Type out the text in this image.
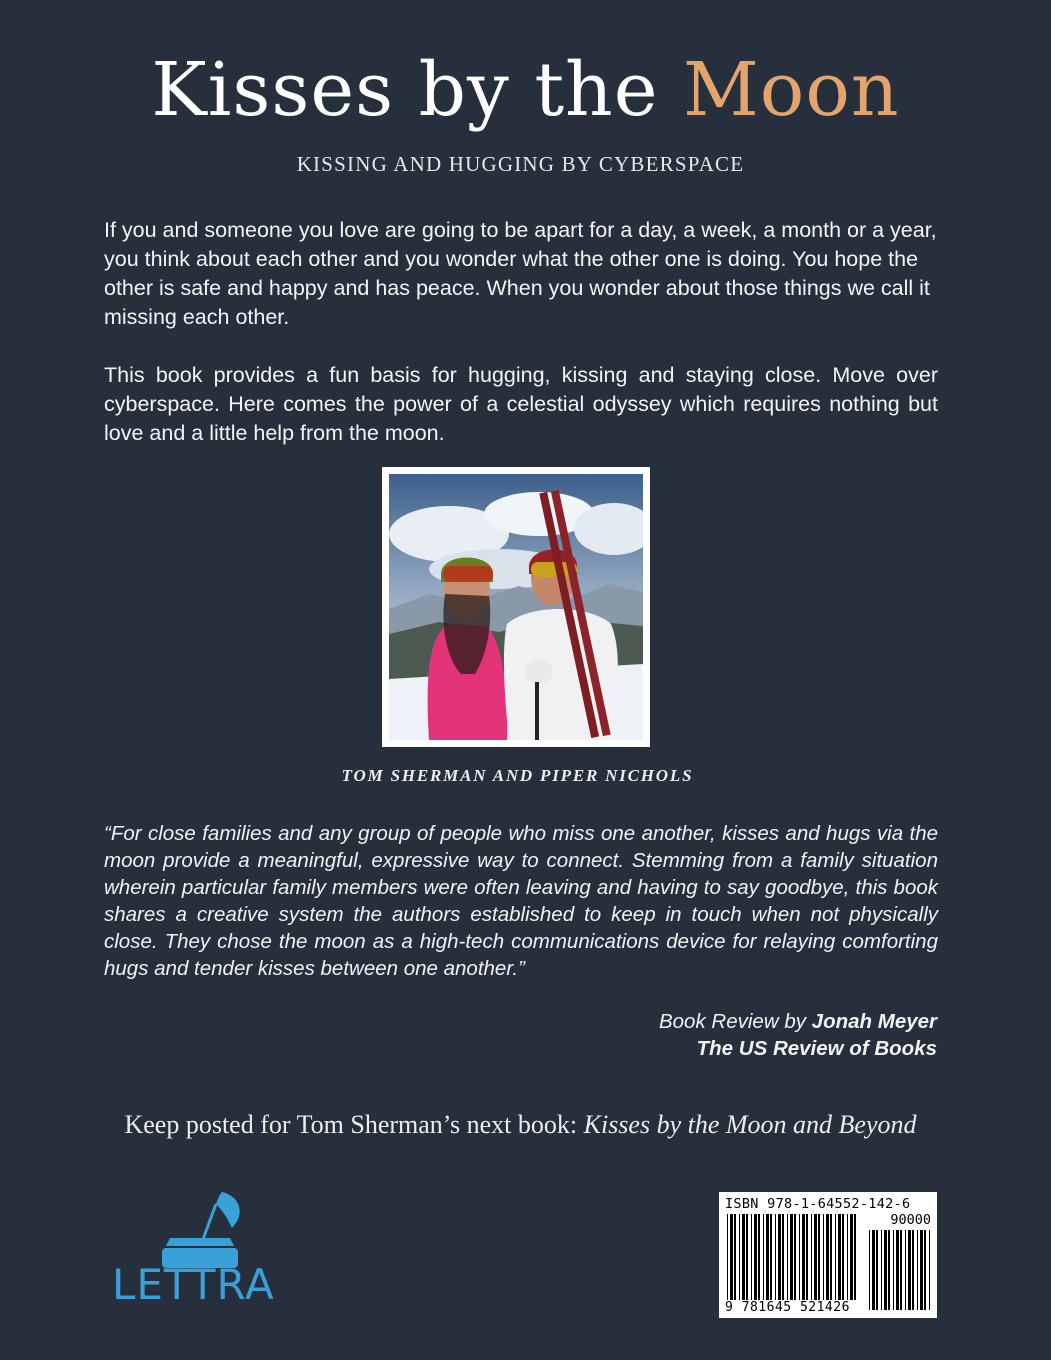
Kisses by the Moon
KISSING AND HUGGING BY CYBERSPACE

If you and someone you love are going to be apart for a day, a week, a month or a year, you think about each other and you wonder what the other one is doing. You hope the other is safe and happy and has peace. When you wonder about those things we call it missing each other.

This book provides a fun basis for hugging, kissing and staying close. Move over cyberspace. Here comes the power of a celestial odyssey which requires nothing but love and a little help from the moon.

TOM SHERMAN AND PIPER NICHOLS

“For close families and any group of people who miss one another, kisses and hugs via the moon provide a meaningful, expressive way to connect. Stemming from a family situation wherein particular family members were often leaving and having to say goodbye, this book shares a creative system the authors established to keep in touch when not physically close. They chose the moon as a high-tech communications device for relaying comforting hugs and tender kisses between one another.”

Book Review by Jonah Meyer
The US Review of Books
Keep posted for Tom Sherman’s next book: Kisses by the Moon and Beyond
LETTRA
ISBN 978-1-64552-142-6
90000
9 781645 521426
